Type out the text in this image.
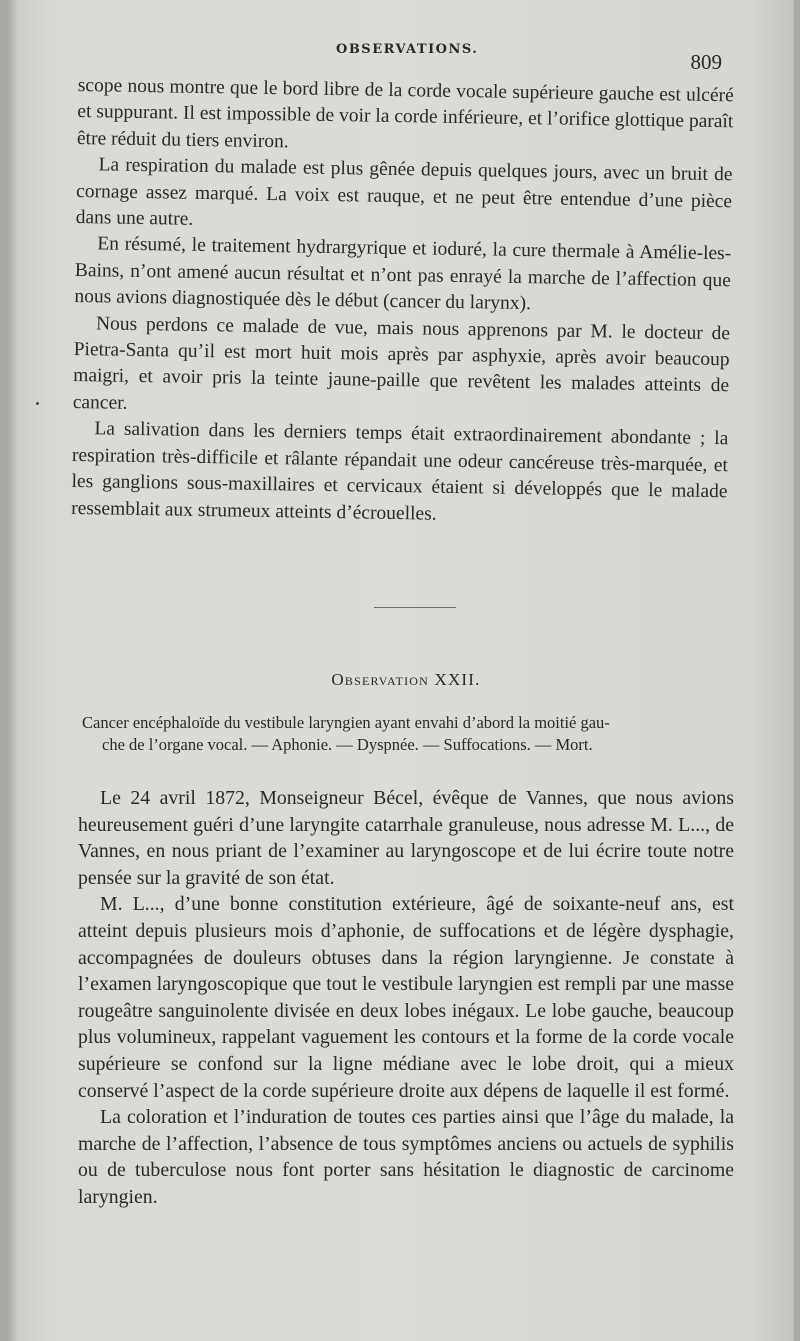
OBSERVATIONS.
809

scope nous montre que le bord libre de la corde vocale supérieure gauche est ulcéré et suppurant. Il est impossible de voir la corde inférieure, et l’orifice glottique paraît être réduit du tiers environ.

La respiration du malade est plus gênée depuis quelques jours, avec un bruit de cornage assez marqué. La voix est rauque, et ne peut être entendue d’une pièce dans une autre.

En résumé, le traitement hydrargyrique et ioduré, la cure thermale à Amélie-les-Bains, n’ont amené aucun résultat et n’ont pas enrayé la marche de l’affection que nous avions diagnostiquée dès le début (cancer du larynx).

Nous perdons ce malade de vue, mais nous apprenons par M. le docteur de Pietra-Santa qu’il est mort huit mois après par asphyxie, après avoir beaucoup maigri, et avoir pris la teinte jaune-paille que revêtent les malades atteints de cancer.

La salivation dans les derniers temps était extraordinairement abondante ; la respiration très-difficile et râlante répandait une odeur cancéreuse très-marquée, et les ganglions sous-maxillaires et cervicaux étaient si développés que le malade ressemblait aux strumeux atteints d’écrouelles.

Observation XXII.
Cancer encéphaloïde du vestibule laryngien ayant envahi d’abord la moitié gau-
che de l’organe vocal. — Aphonie. — Dyspnée. — Suffocations. — Mort.

Le 24 avril 1872, Monseigneur Bécel, évêque de Vannes, que nous avions heureusement guéri d’une laryngite catarrhale granuleuse, nous adresse M. L..., de Vannes, en nous priant de l’examiner au laryngoscope et de lui écrire toute notre pensée sur la gravité de son état.

M. L..., d’une bonne constitution extérieure, âgé de soixante-neuf ans, est atteint depuis plusieurs mois d’aphonie, de suffocations et de légère dysphagie, accompagnées de douleurs obtuses dans la région laryngienne. Je constate à l’examen laryngoscopique que tout le vestibule laryngien est rempli par une masse rougeâtre sanguinolente divisée en deux lobes inégaux. Le lobe gauche, beaucoup plus volumineux, rappelant vaguement les contours et la forme de la corde vocale supérieure se confond sur la ligne médiane avec le lobe droit, qui a mieux conservé l’aspect de la corde supérieure droite aux dépens de laquelle il est formé.

La coloration et l’induration de toutes ces parties ainsi que l’âge du malade, la marche de l’affection, l’absence de tous symptômes anciens ou actuels de syphilis ou de tuberculose nous font porter sans hésitation le diagnostic de carcinome laryngien.
